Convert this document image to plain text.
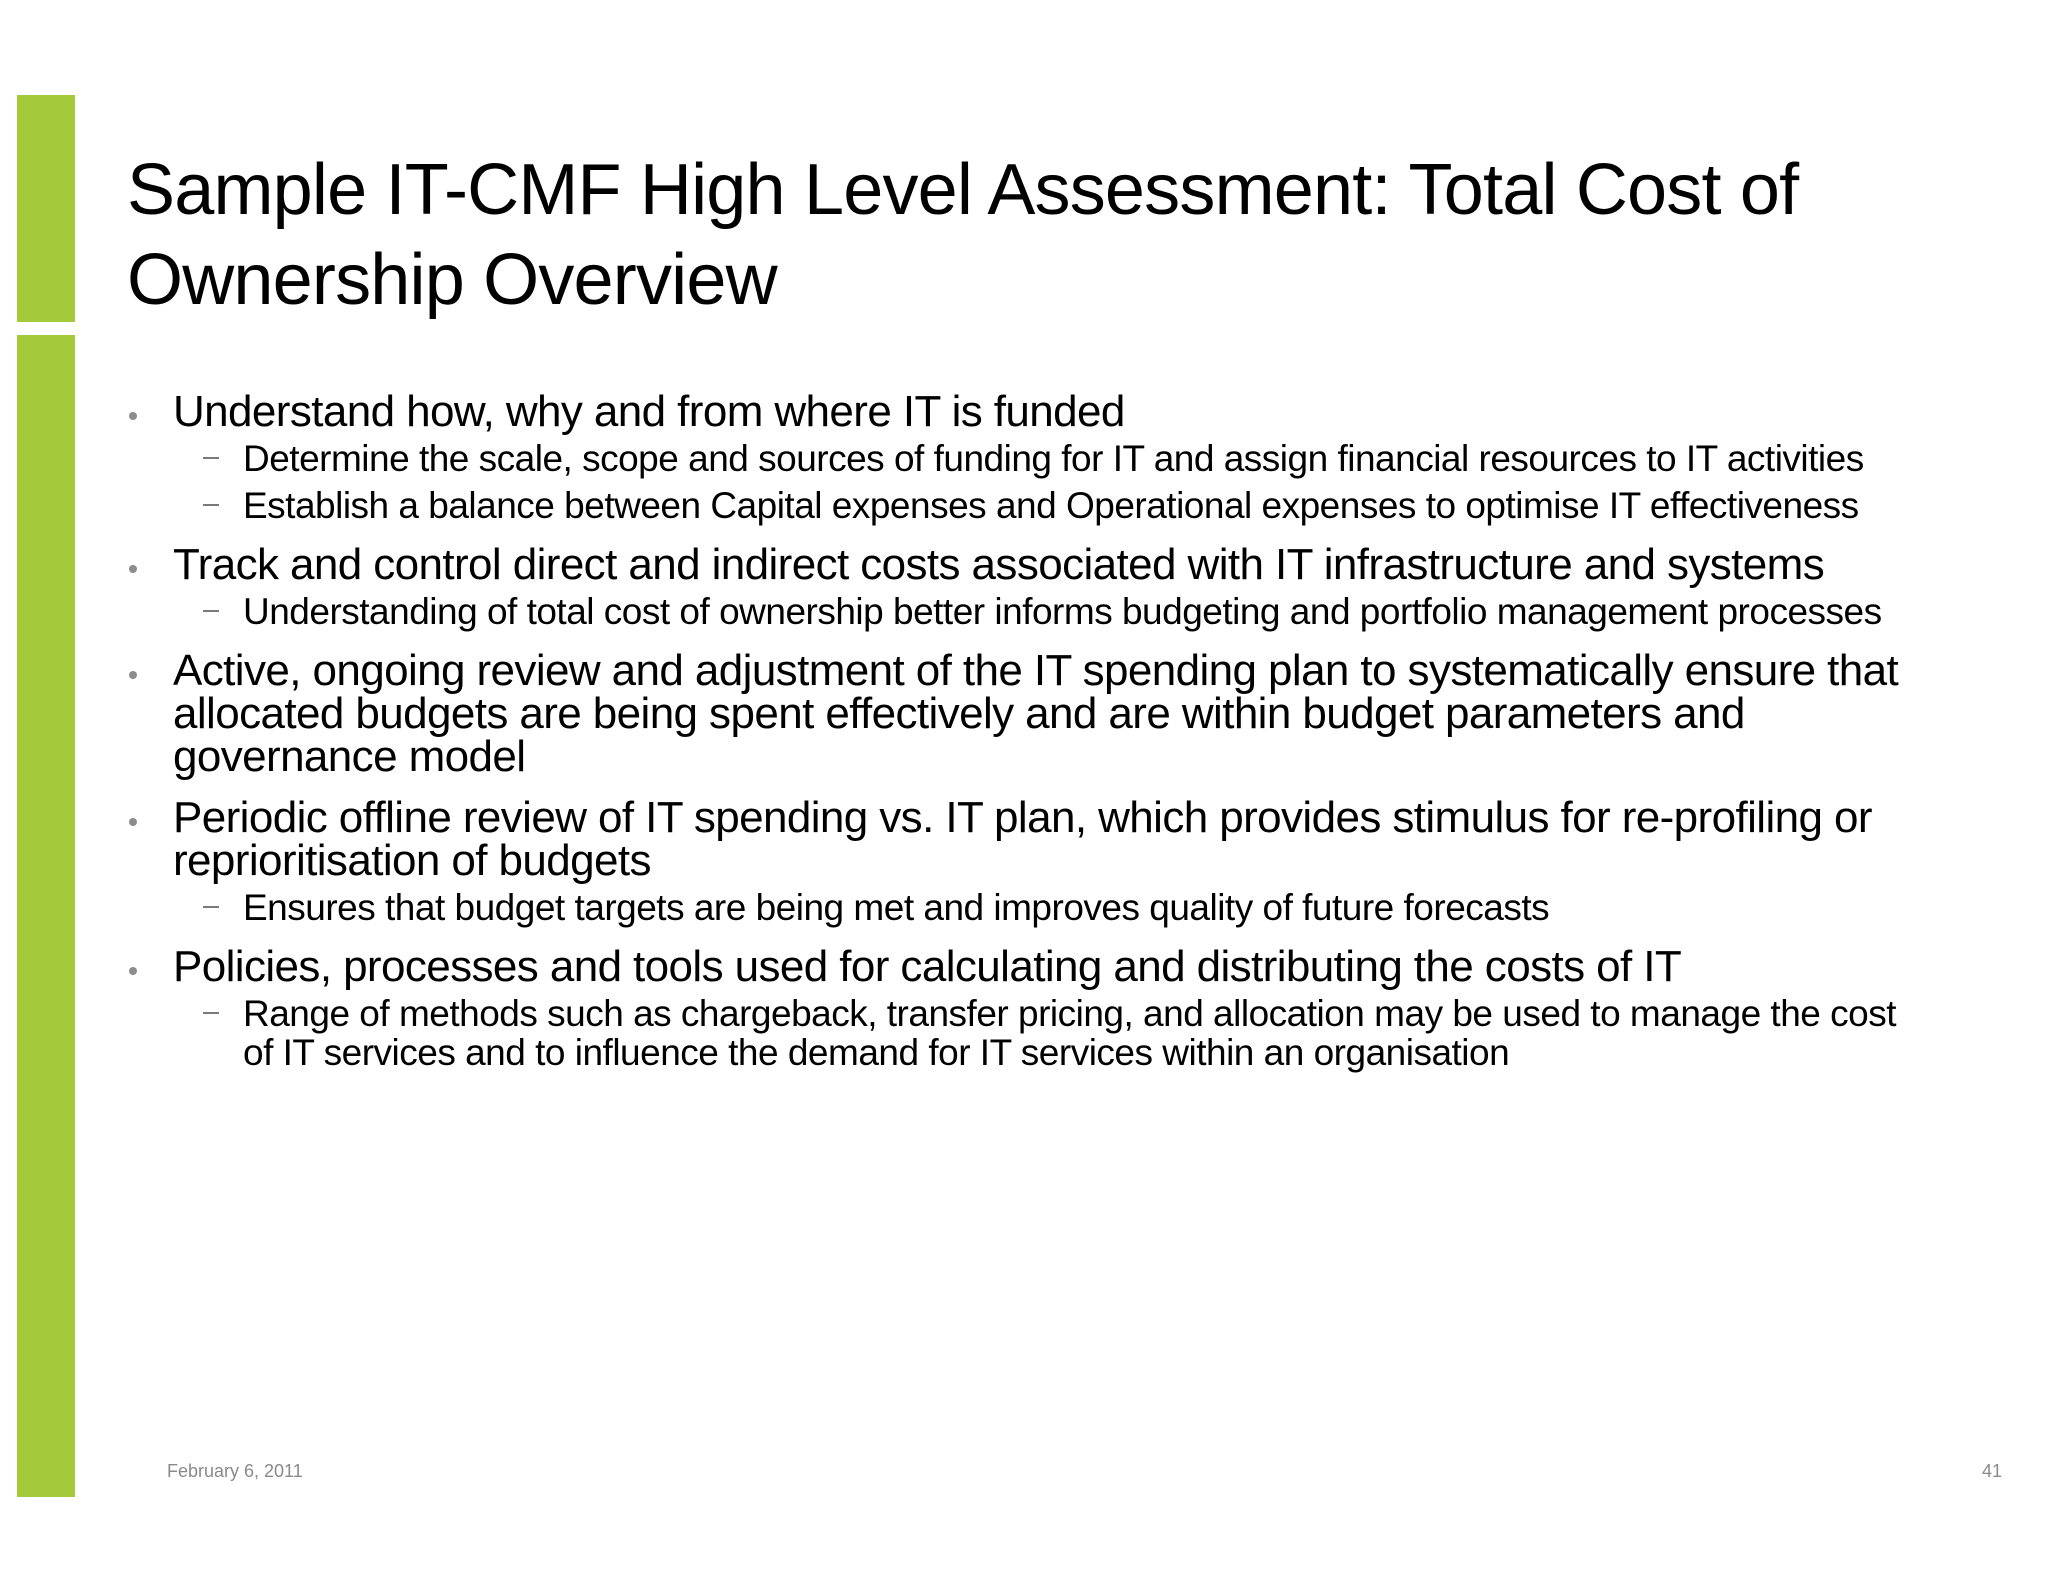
Sample IT-CMF High Level Assessment: Total Cost of Ownership Overview
Understand how, why and from where IT is funded
Determine the scale, scope and sources of funding for IT and assign financial resources to IT activities
Establish a balance between Capital expenses and Operational expenses to optimise IT effectiveness
Track and control direct and indirect costs associated with IT infrastructure and systems
Understanding of total cost of ownership better informs budgeting and portfolio management processes
Active, ongoing review and adjustment of the IT spending plan to systematically ensure that allocated budgets are being spent effectively and are within budget parameters and governance model
Periodic offline review of IT spending vs. IT plan, which provides stimulus for re-profiling or reprioritisation of budgets
Ensures that budget targets are being met and improves quality of future forecasts
Policies, processes and tools used for calculating and distributing the costs of IT
Range of methods such as chargeback, transfer pricing, and allocation may be used to manage the cost of IT services and to influence the demand for IT services within an organisation
February 6, 2011	41
